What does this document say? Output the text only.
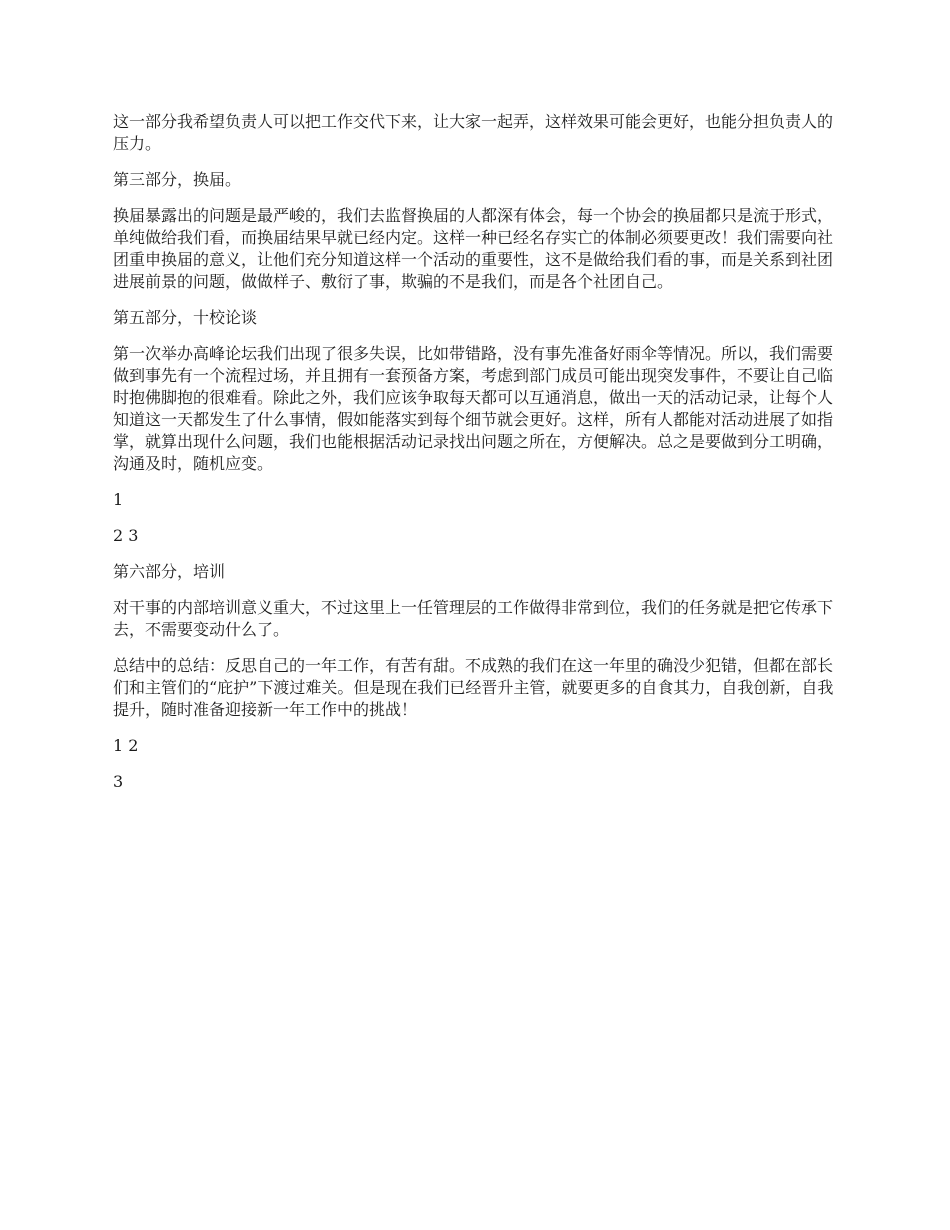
这一部分我希望负责人可以把工作交代下来，让大家一起弄，这样效果可能会更好，也能分担负责人的压力。

第三部分，换届。

换届暴露出的问题是最严峻的，我们去监督换届的人都深有体会，每一个协会的换届都只是流于形式，单纯做给我们看，而换届结果早就已经内定。这样一种已经名存实亡的体制必须要更改！我们需要向社团重申换届的意义，让他们充分知道这样一个活动的重要性，这不是做给我们看的事，而是关系到社团进展前景的问题，做做样子、敷衍了事，欺骗的不是我们，而是各个社团自己。

第五部分，十校论谈

第一次举办高峰论坛我们出现了很多失误，比如带错路，没有事先准备好雨伞等情况。所以，我们需要做到事先有一个流程过场，并且拥有一套预备方案，考虑到部门成员可能出现突发事件，不要让自己临时抱佛脚抱的很难看。除此之外，我们应该争取每天都可以互通消息，做出一天的活动记录，让每个人知道这一天都发生了什么事情，假如能落实到每个细节就会更好。这样，所有人都能对活动进展了如指掌，就算出现什么问题，我们也能根据活动记录找出问题之所在，方便解决。总之是要做到分工明确，沟通及时，随机应变。

1

2 3

第六部分，培训

对干事的内部培训意义重大，不过这里上一任管理层的工作做得非常到位，我们的任务就是把它传承下去，不需要变动什么了。

总结中的总结：反思自己的一年工作，有苦有甜。不成熟的我们在这一年里的确没少犯错，但都在部长们和主管们的“庇护”下渡过难关。但是现在我们已经晋升主管，就要更多的自食其力，自我创新，自我提升，随时准备迎接新一年工作中的挑战！

1 2

3
